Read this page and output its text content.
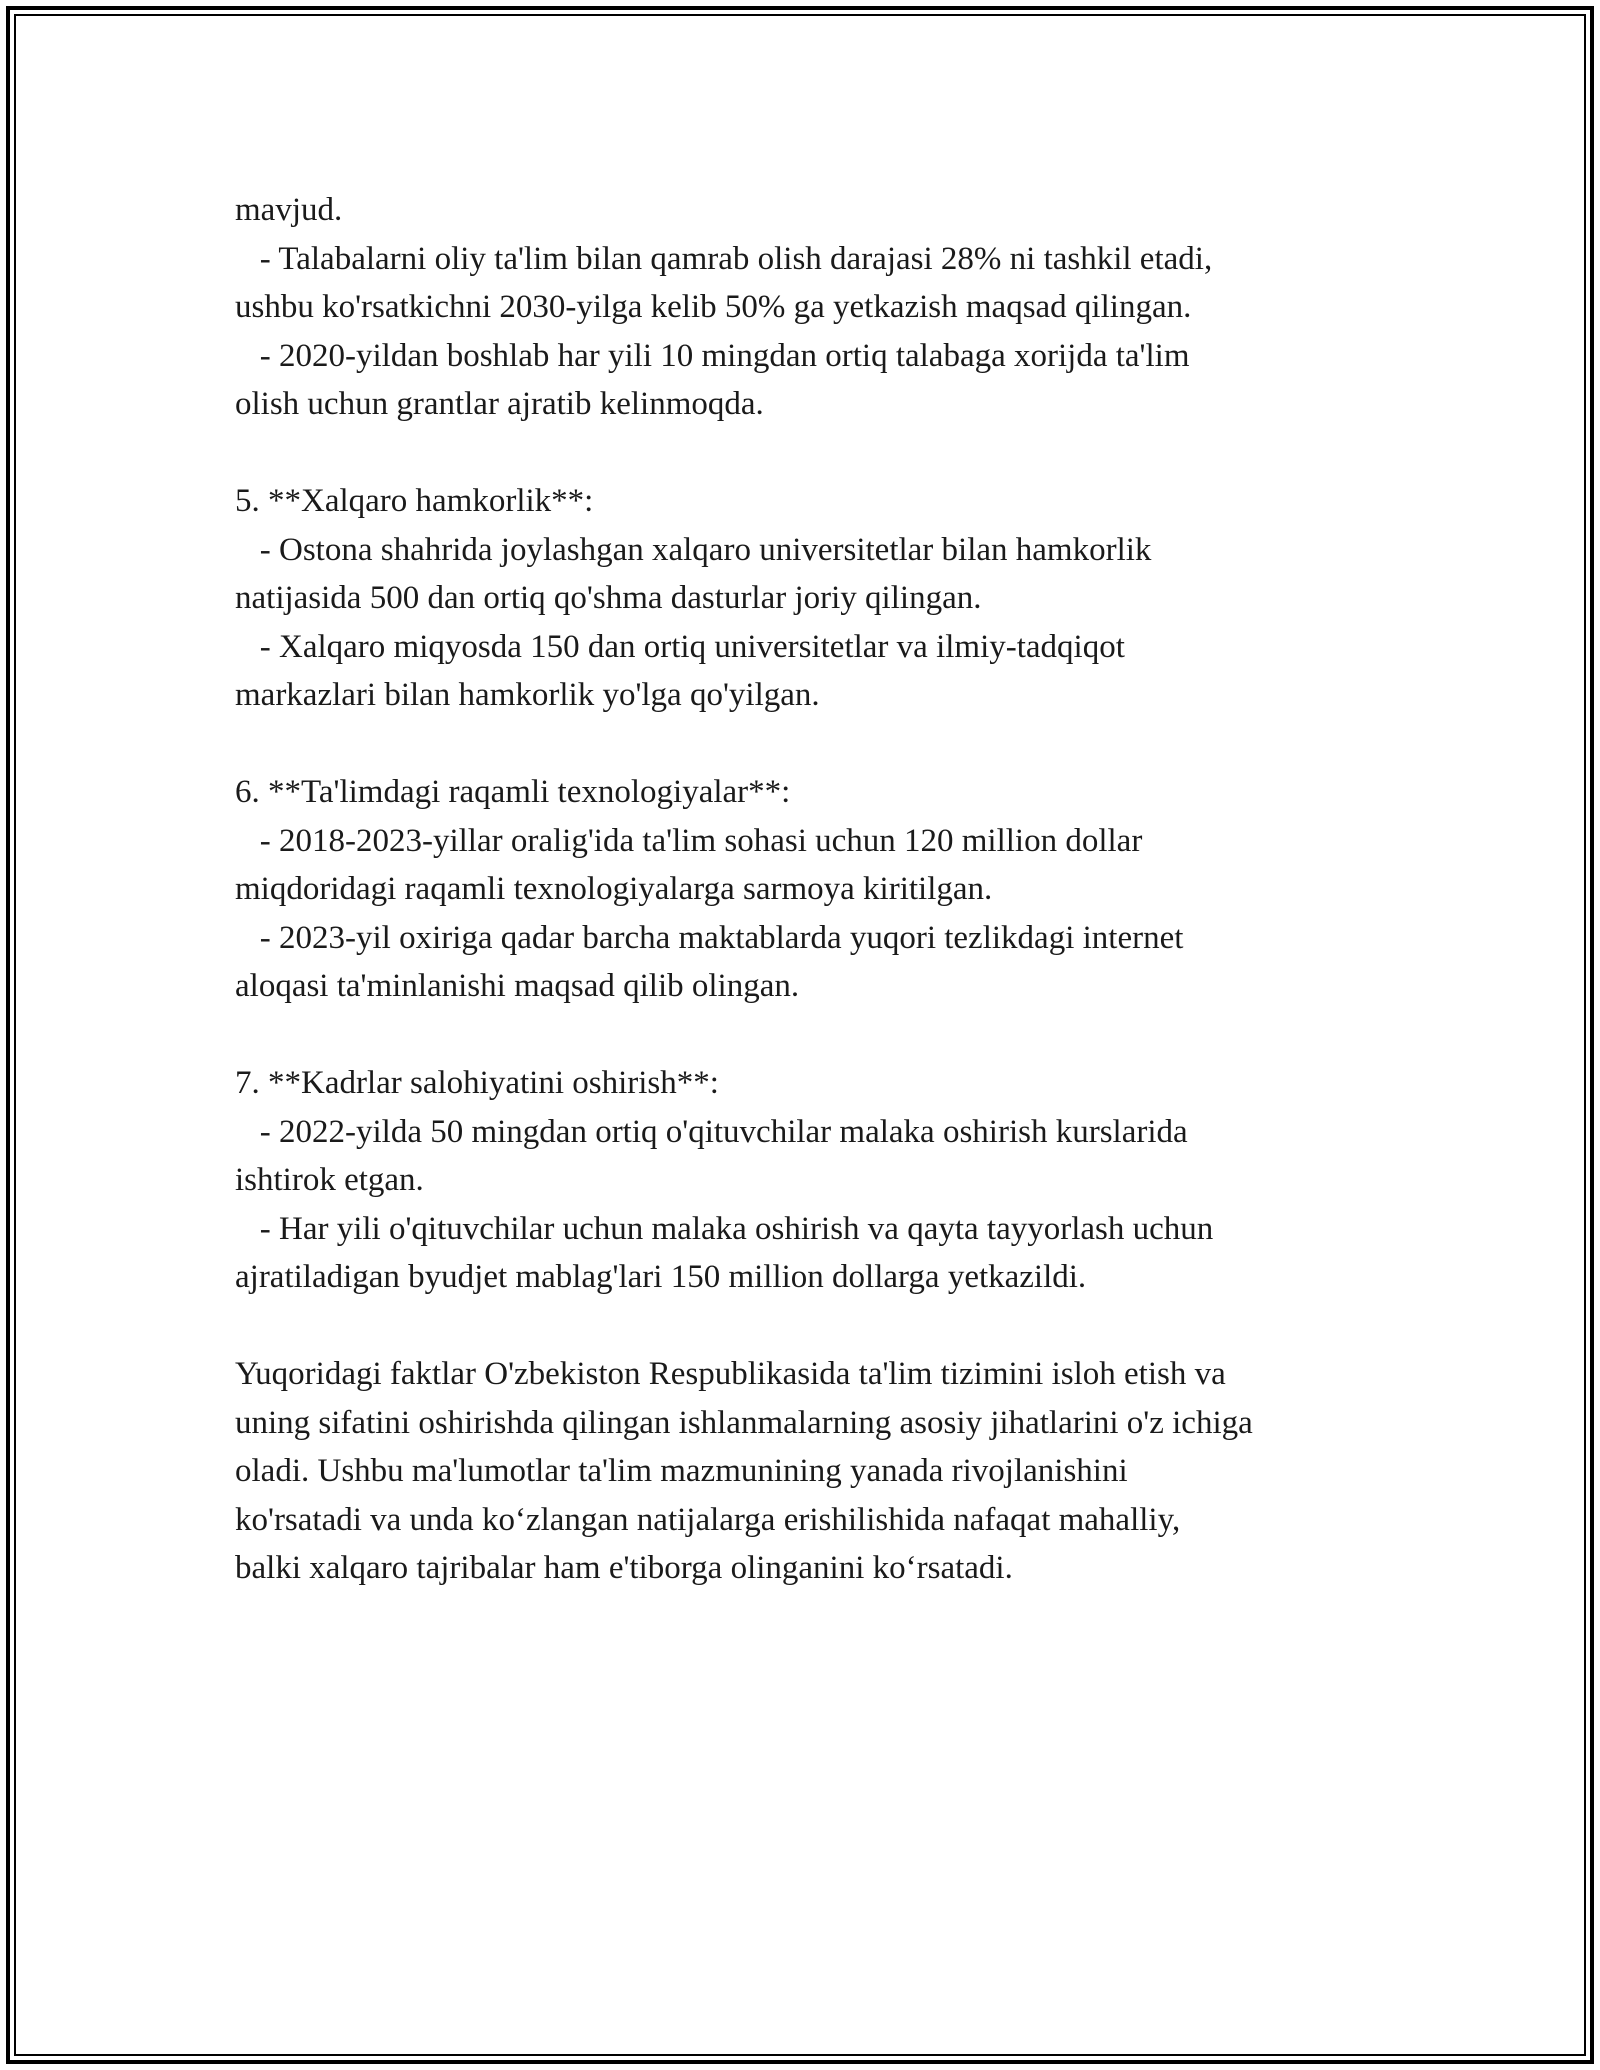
mavjud.
- Talabalarni oliy ta'lim bilan qamrab olish darajasi 28% ni tashkil etadi,
ushbu ko'rsatkichni 2030-yilga kelib 50% ga yetkazish maqsad qilingan.
- 2020-yildan boshlab har yili 10 mingdan ortiq talabaga xorijda ta'lim
olish uchun grantlar ajratib kelinmoqda.
5. **Xalqaro hamkorlik**:
- Ostona shahrida joylashgan xalqaro universitetlar bilan hamkorlik
natijasida 500 dan ortiq qo'shma dasturlar joriy qilingan.
- Xalqaro miqyosda 150 dan ortiq universitetlar va ilmiy-tadqiqot
markazlari bilan hamkorlik yo'lga qo'yilgan.
6. **Ta'limdagi raqamli texnologiyalar**:
- 2018-2023-yillar oralig'ida ta'lim sohasi uchun 120 million dollar
miqdoridagi raqamli texnologiyalarga sarmoya kiritilgan.
- 2023-yil oxiriga qadar barcha maktablarda yuqori tezlikdagi internet
aloqasi ta'minlanishi maqsad qilib olingan.
7. **Kadrlar salohiyatini oshirish**:
- 2022-yilda 50 mingdan ortiq o'qituvchilar malaka oshirish kurslarida
ishtirok etgan.
- Har yili o'qituvchilar uchun malaka oshirish va qayta tayyorlash uchun
ajratiladigan byudjet mablag'lari 150 million dollarga yetkazildi.
Yuqoridagi faktlar O'zbekiston Respublikasida ta'lim tizimini isloh etish va
uning sifatini oshirishda qilingan ishlanmalarning asosiy jihatlarini o'z ichiga
oladi. Ushbu ma'lumotlar ta'lim mazmunining yanada rivojlanishini
ko'rsatadi va unda ko‘zlangan natijalarga erishilishida nafaqat mahalliy,
balki xalqaro tajribalar ham e'tiborga olinganini ko‘rsatadi.
